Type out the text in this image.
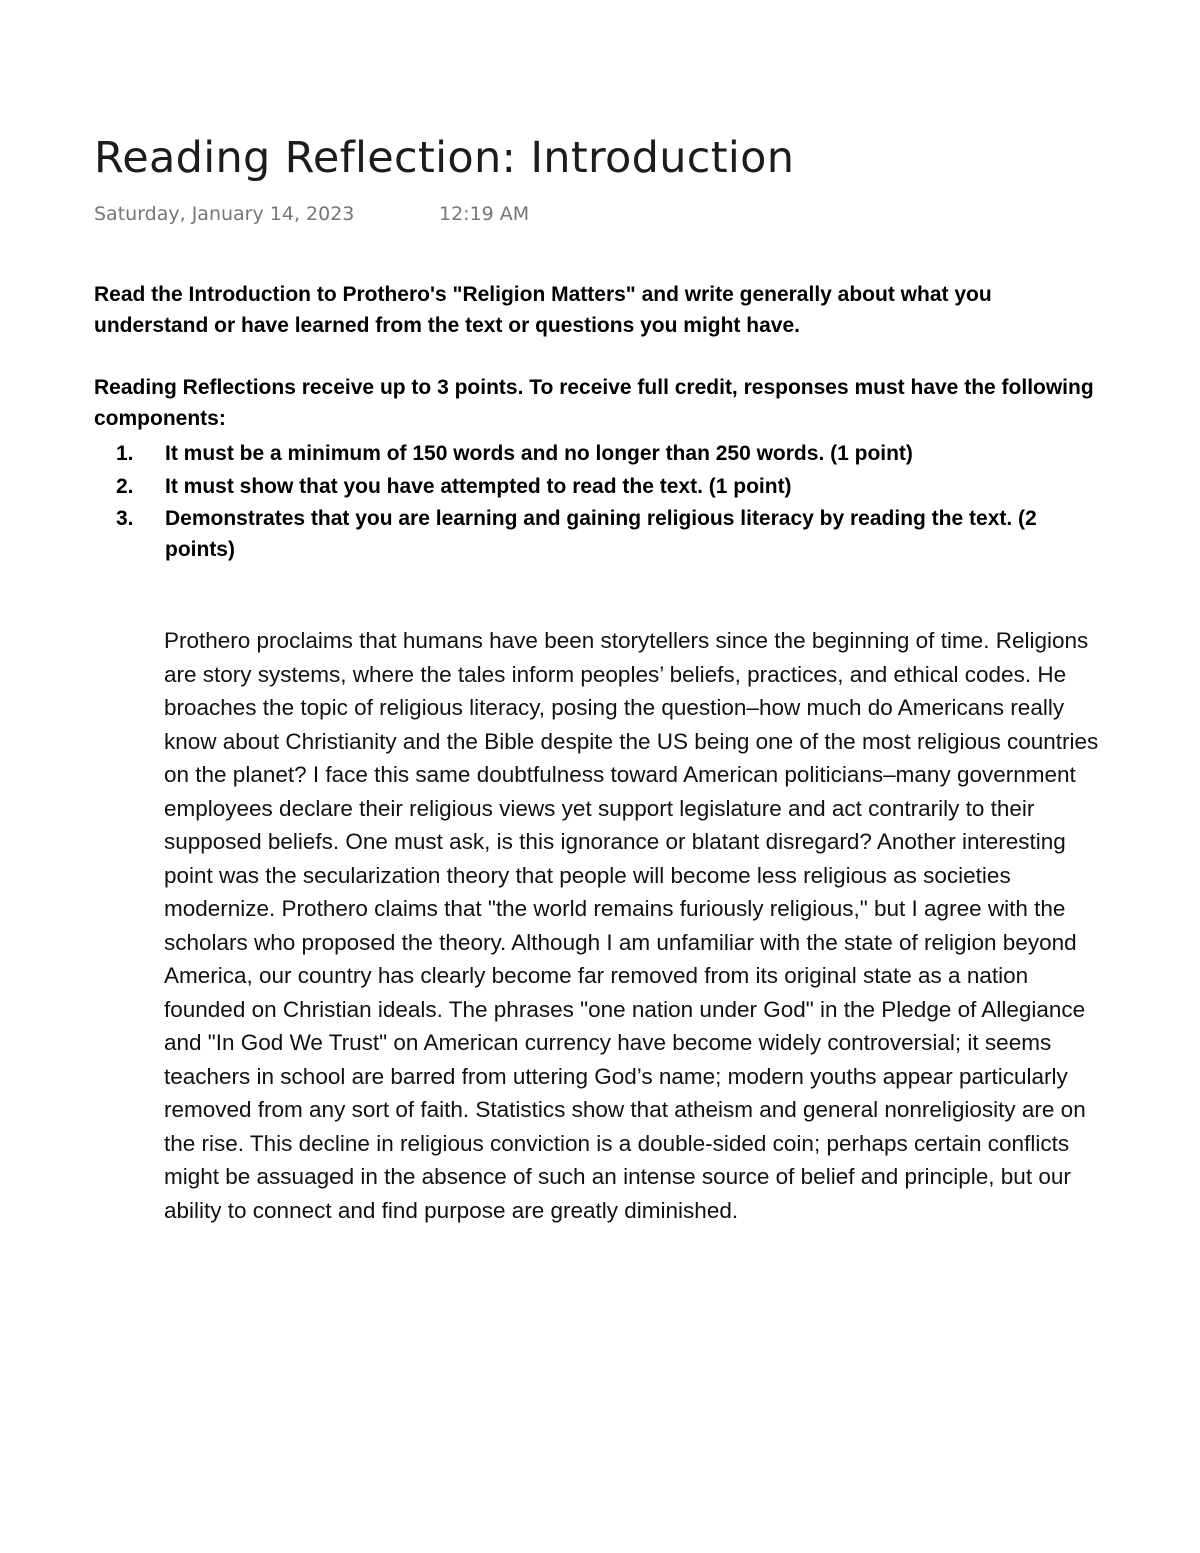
Reading Reflection: Introduction
Saturday, January 14, 2023	12:19 AM

Read the Introduction to Prothero's "Religion Matters" and write generally about what you understand or have learned from the text or questions you might have.

Reading Reflections receive up to 3 points. To receive full credit, responses must have the following components:

1. It must be a minimum of 150 words and no longer than 250 words. (1 point)
2. It must show that you have attempted to read the text. (1 point)
3. Demonstrates that you are learning and gaining religious literacy by reading the text. (2 points)

Prothero proclaims that humans have been storytellers since the beginning of time. Religions are story systems, where the tales inform peoples’ beliefs, practices, and ethical codes. He broaches the topic of religious literacy, posing the question–how much do Americans really know about Christianity and the Bible despite the US being one of the most religious countries on the planet? I face this same doubtfulness toward American politicians–many government employees declare their religious views yet support legislature and act contrarily to their supposed beliefs. One must ask, is this ignorance or blatant disregard? Another interesting point was the secularization theory that people will become less religious as societies modernize. Prothero claims that "the world remains furiously religious," but I agree with the scholars who proposed the theory. Although I am unfamiliar with the state of religion beyond America, our country has clearly become far removed from its original state as a nation founded on Christian ideals. The phrases "one nation under God" in the Pledge of Allegiance and "In God We Trust" on American currency have become widely controversial; it seems teachers in school are barred from uttering God’s name; modern youths appear particularly removed from any sort of faith. Statistics show that atheism and general nonreligiosity are on the rise. This decline in religious conviction is a double-sided coin; perhaps certain conflicts might be assuaged in the absence of such an intense source of belief and principle, but our ability to connect and find purpose are greatly diminished.
